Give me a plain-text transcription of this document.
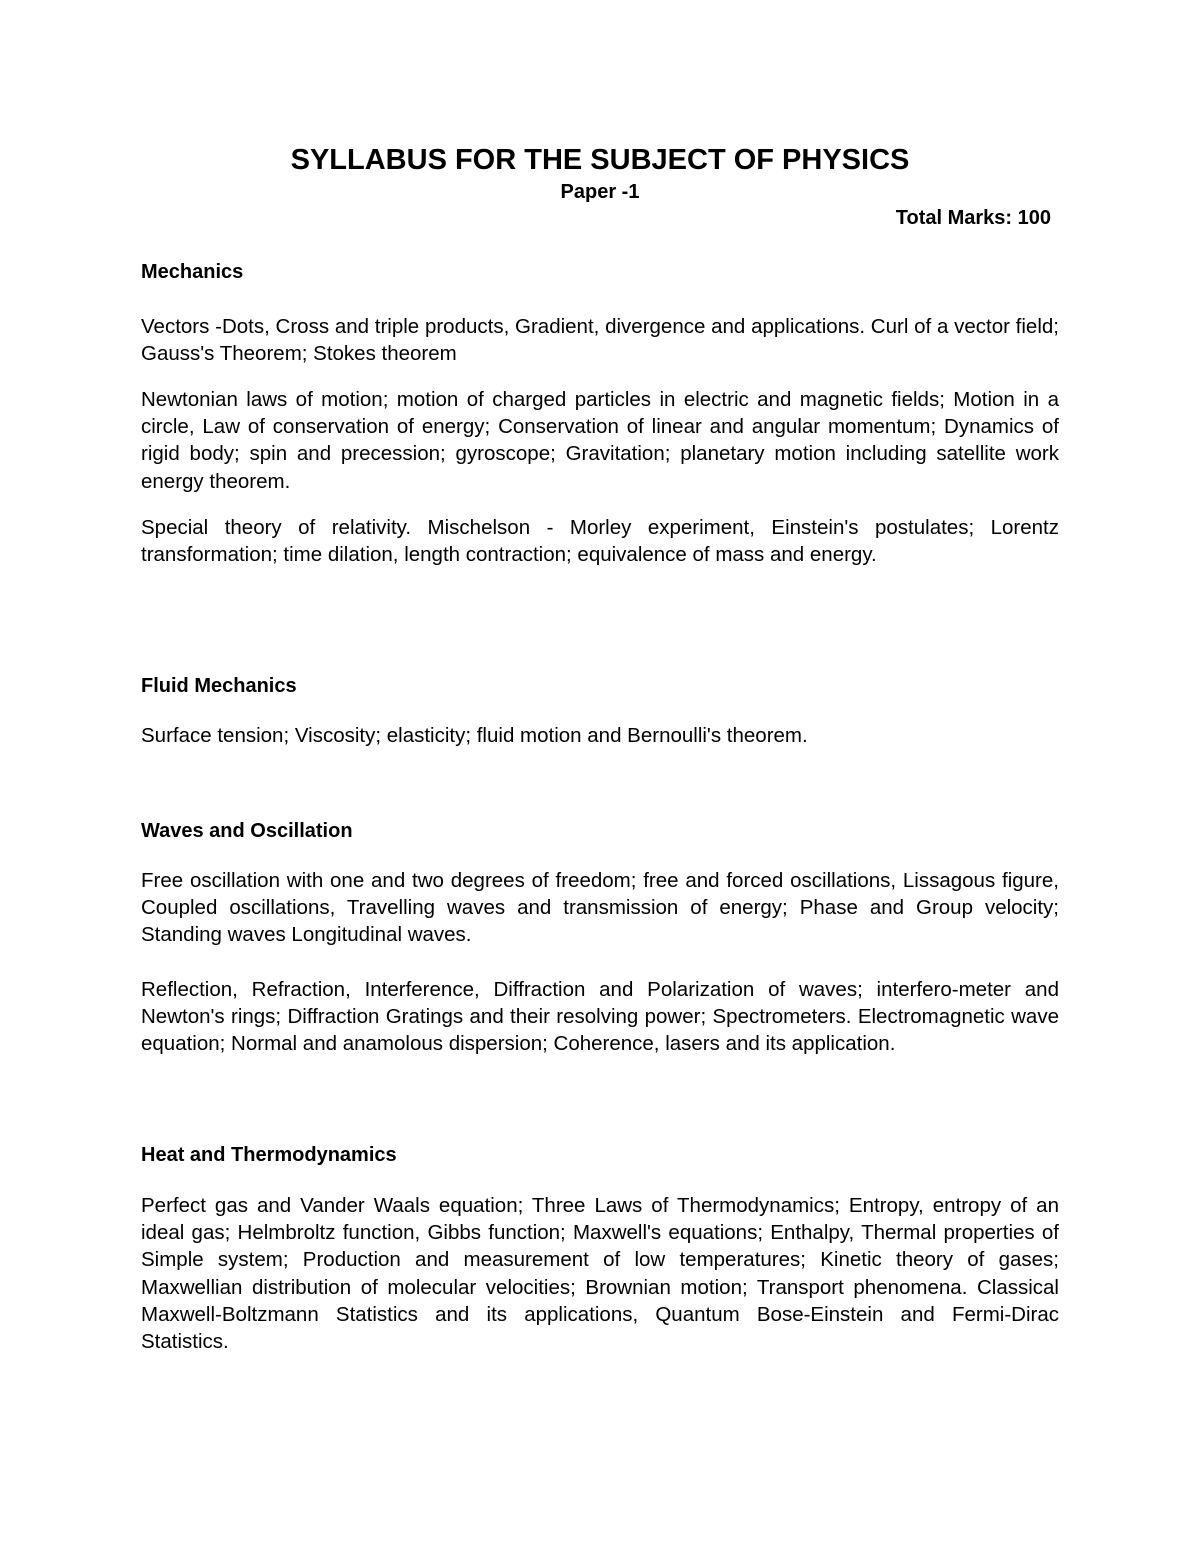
SYLLABUS FOR THE SUBJECT OF PHYSICS
Paper -1
Total Marks: 100
Mechanics

Vectors -Dots, Cross and triple products, Gradient, divergence and applications. Curl of a vector field; Gauss's Theorem; Stokes theorem

Newtonian laws of motion; motion of charged particles in electric and magnetic fields; Motion in a circle, Law of conservation of energy; Conservation of linear and angular momentum; Dynamics of rigid body; spin and precession; gyroscope; Gravitation; planetary motion including satellite work energy theorem.

Special theory of relativity. Mischelson - Morley experiment, Einstein's postulates; Lorentz transformation; time dilation, length contraction; equivalence of mass and energy.

Fluid Mechanics

Surface tension; Viscosity; elasticity; fluid motion and Bernoulli's theorem.

Waves and Oscillation

Free oscillation with one and two degrees of freedom; free and forced oscillations, Lissagous figure, Coupled oscillations, Travelling waves and transmission of energy; Phase and Group velocity; Standing waves Longitudinal waves.

Reflection, Refraction, Interference, Diffraction and Polarization of waves; interfero-meter and Newton's rings; Diffraction Gratings and their resolving power; Spectrometers. Electromagnetic wave equation; Normal and anamolous dispersion; Coherence, lasers and its application.

Heat and Thermodynamics

Perfect gas and Vander Waals equation; Three Laws of Thermodynamics; Entropy, entropy of an ideal gas; Helmbroltz function, Gibbs function; Maxwell's equations; Enthalpy, Thermal properties of Simple system; Production and measurement of low temperatures; Kinetic theory of gases; Maxwellian distribution of molecular velocities; Brownian motion; Transport phenomena. Classical Maxwell-Boltzmann Statistics and its applications, Quantum Bose-Einstein and Fermi-Dirac Statistics.
